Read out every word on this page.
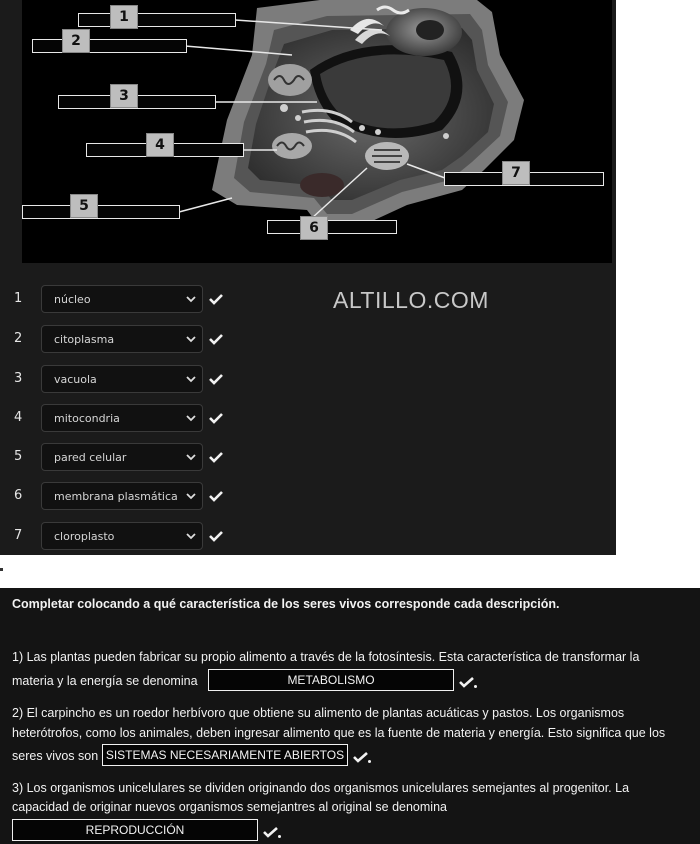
1
2
3
4
5
6
7
1	núcleo
2	citoplasma
3	vacuola
4	mitocondria
5	pared celular
6	membrana plasmática
7	cloroplasto
ALTILLO.COM
Completar colocando a qué característica de los seres vivos corresponde cada descripción.
1) Las plantas pueden fabricar su propio alimento a través de la fotosíntesis. Esta característica de transformar la
materia y la energía se denomina	METABOLISMO
2) El carpincho es un roedor herbívoro que obtiene su alimento de plantas acuáticas y pastos. Los organismos
heterótrofos, como los animales, deben ingresar alimento que es la fuente de materia y energía. Esto significa que los
seres vivos son SISTEMAS NECESARIAMENTE ABIERTOS
3) Los organismos unicelulares se dividen originando dos organismos unicelulares semejantes al progenitor. La
capacidad de originar nuevos organismos semejantres al original se denomina
REPRODUCCIÓN
